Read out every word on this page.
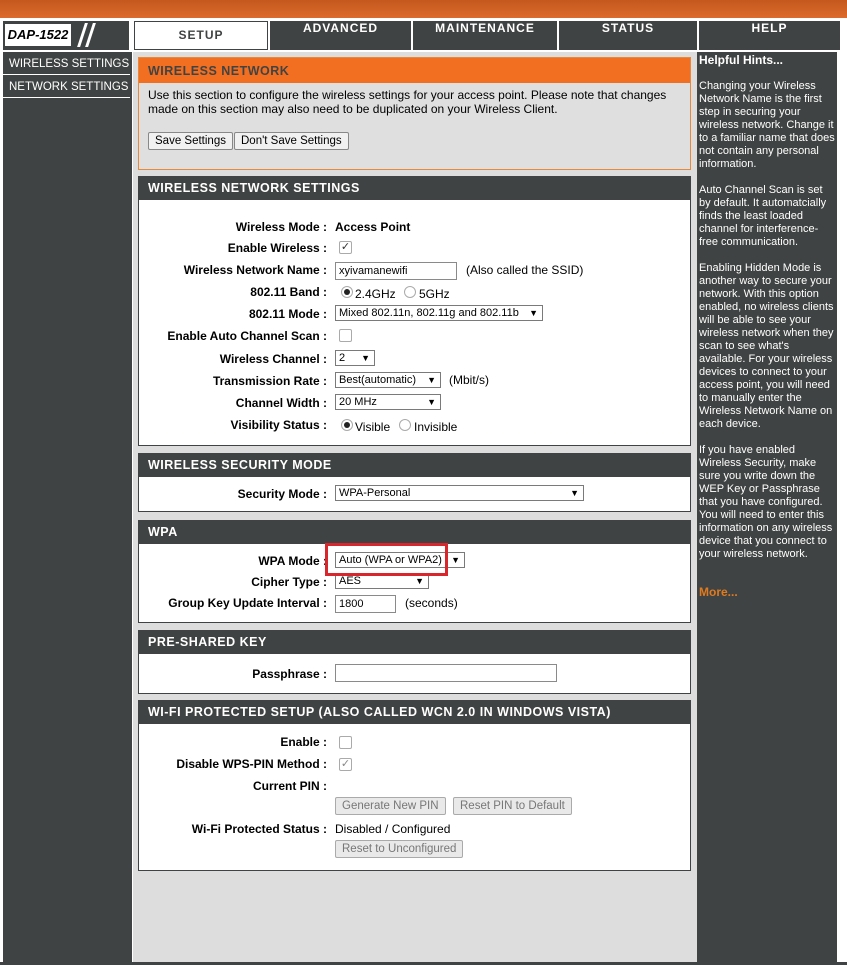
DAP-1522	SETUP	ADVANCED	MAINTENANCE	STATUS	HELP
WIRELESS SETTINGS
NETWORK SETTINGS
WIRELESS NETWORK
Use this section to configure the wireless settings for your access point. Please note that changes made on this section may also need to be duplicated on your Wireless Client.
Save Settings	Don't Save Settings
WIRELESS NETWORK SETTINGS
Wireless Mode : Access Point
Enable Wireless : ✓
Wireless Network Name :	xyivamanewifi	(Also called the SSID)
802.11 Band : 2.4GHz 5GHz
802.11 Mode :	Mixed 802.11n, 802.11g and 802.11b ▼
Enable Auto Channel Scan :
Wireless Channel :	2 ▼
Transmission Rate :	Best(automatic) ▼ (Mbit/s)
Channel Width :	20 MHz	▼
Visibility Status : Visible Invisible
WIRELESS SECURITY MODE
Security Mode :	WPA-Personal	▼
WPA
WPA Mode :	Auto (WPA or WPA2) ▼
Cipher Type :	AES	▼
Group Key Update Interval :	1800	(seconds)
PRE-SHARED KEY
Passphrase :
WI-FI PROTECTED SETUP (ALSO CALLED WCN 2.0 IN WINDOWS VISTA)
Enable :
Disable WPS-PIN Method : ✓
Current PIN :
Generate New PIN	Reset PIN to Default
Wi-Fi Protected Status : Disabled / Configured
Reset to Unconfigured
Helpful Hints...

Changing your Wireless Network Name is the first step in securing your wireless network. Change it to a familiar name that does not contain any personal information.

Auto Channel Scan is set by default. It automatcially finds the least loaded channel for interference-free communication.

Enabling Hidden Mode is another way to secure your network. With this option enabled, no wireless clients will be able to see your wireless network when they scan to see what's available. For your wireless devices to connect to your access point, you will need to manually enter the Wireless Network Name on each device.

If you have enabled Wireless Security, make sure you write down the WEP Key or Passphrase that you have configured. You will need to enter this information on any wireless device that you connect to your wireless network.

More...
